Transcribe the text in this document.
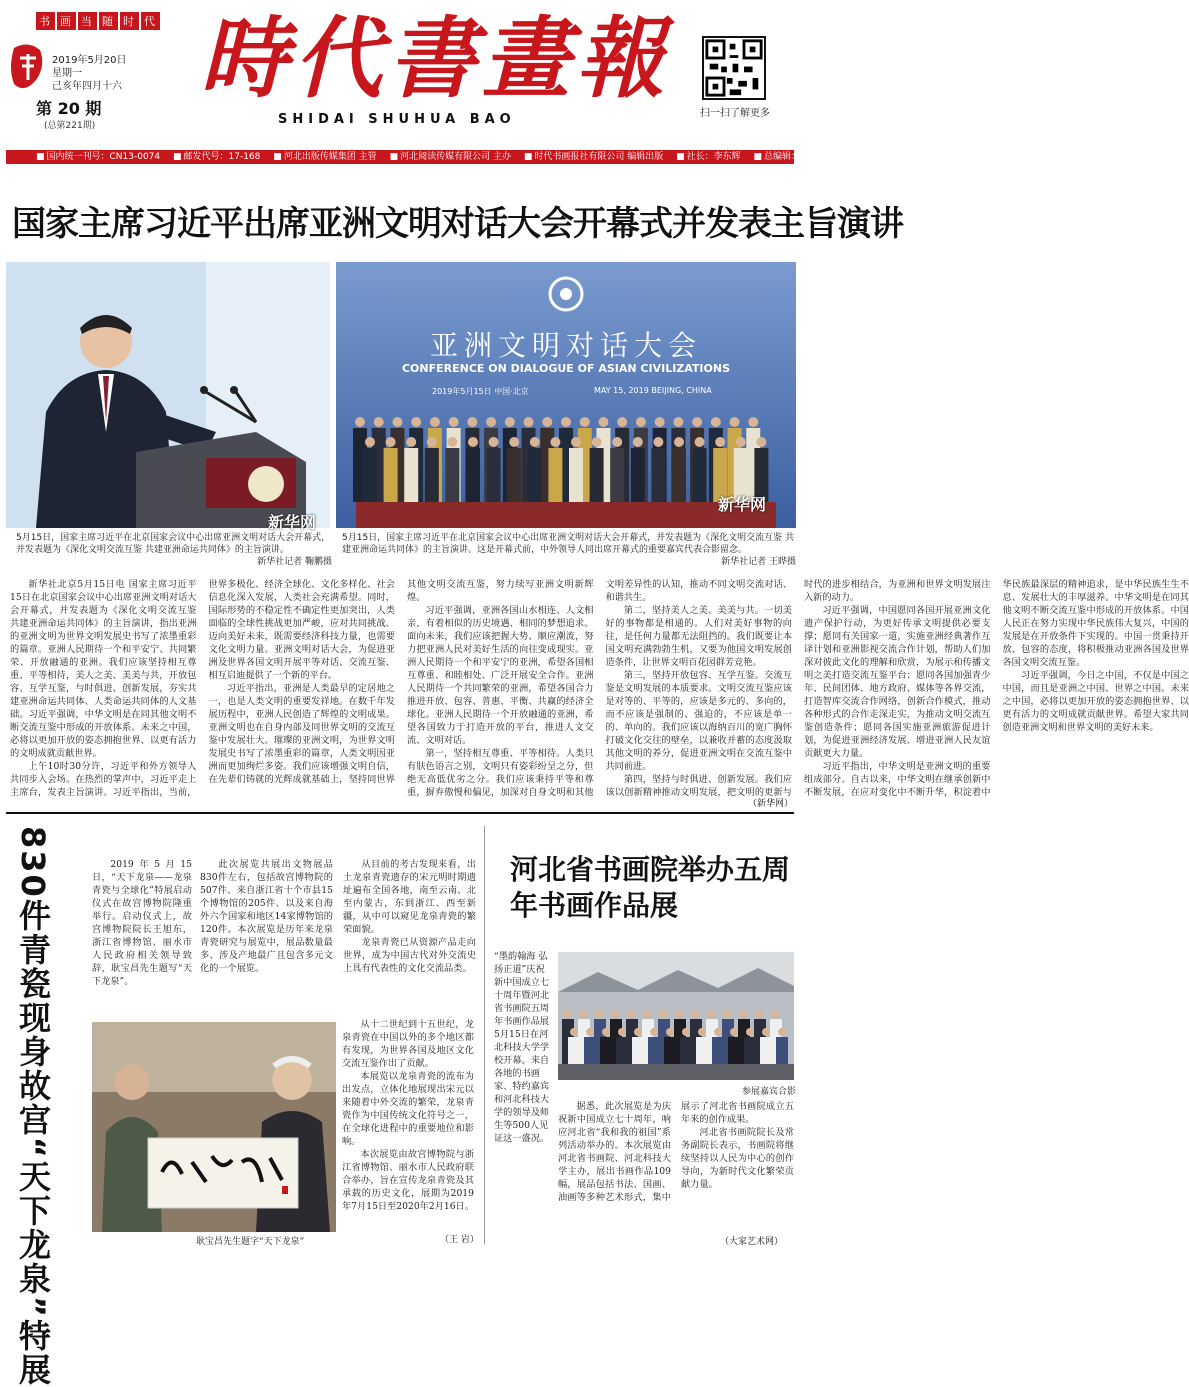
书 画 当 随 时 代
2019年5月20日
星期一
己亥年四月十六
第 20 期
(总第221期)
時代書畫報
SHIDAI SHUHUA BAO	扫一扫了解更多
■ 国内统一刊号：CN13-0074	■ 邮发代号：17-168	■ 河北出版传媒集团 主管	■ 河北阅读传媒有限公司 主办	■ 时代书画报社有限公司 编辑出版	■ 社长：李东辉	■ 总编辑：韩冰雪
国家主席习近平出席亚洲文明对话大会开幕式并发表主旨演讲
新华网
5月15日，国家主席习近平在北京国家会议中心出席亚洲文明对话大会开幕式，并发表题为《深化文明交流互鉴 共建亚洲命运共同体》的主旨演讲。
新华社记者 鞠鹏摄
亚洲文明对话大会
CONFERENCE ON DIALOGUE OF ASIAN CIVILIZATIONS
2019年5月15日 中国·北京	MAY 15, 2019 BEIJING, CHINA
新华网
5月15日，国家主席习近平在北京国家会议中心出席亚洲文明对话大会开幕式，并发表题为《深化文明交流互鉴 共建亚洲命运共同体》的主旨演讲。这是开幕式前，中外领导人同出席开幕式的重要嘉宾代表合影留念。
新华社记者 王晔摄

新华社北京5月15日电 国家主席习近平15日在北京国家会议中心出席亚洲文明对话大会开幕式，并发表题为《深化文明交流互鉴 共建亚洲命运共同体》的主旨演讲，指出亚洲的亚洲文明为世界文明发展史书写了浓墨重彩的篇章。亚洲人民期待一个和平安宁、共同繁荣、开放融通的亚洲。我们应该坚持相互尊重、平等相待，美人之美、美美与共，开放包容、互学互鉴，与时俱进、创新发展，夯实共建亚洲命运共同体、人类命运共同体的人文基础。习近平强调，中华文明是在同其他文明不断交流互鉴中形成的开放体系。未来之中国，必将以更加开放的姿态拥抱世界、以更有活力的文明成就贡献世界。

上午10时30分许，习近平和外方领导人共同步入会场。在热烈的掌声中，习近平走上主席台，发表主旨演讲。习近平指出，当前，世界多极化、经济全球化、文化多样化、社会信息化深入发展，人类社会充满希望。同时，国际形势的不稳定性不确定性更加突出，人类面临的全球性挑战更加严峻，应对共同挑战、迈向美好未来，既需要经济科技力量，也需要文化文明力量。亚洲文明对话大会，为促进亚洲及世界各国文明开展平等对话、交流互鉴、相互启迪提供了一个新的平台。

习近平指出，亚洲是人类最早的定居地之一，也是人类文明的重要发祥地。在数千年发展历程中，亚洲人民创造了辉煌的文明成果。亚洲文明也在自身内部及同世界文明的交流互鉴中发展壮大。璀璨的亚洲文明，为世界文明发展史书写了浓墨重彩的篇章，人类文明因亚洲而更加绚烂多姿。我们应该增强文明自信，在先辈们铸就的光辉成就基础上，坚持同世界其他文明交流互鉴，努力续写亚洲文明新辉煌。

习近平强调，亚洲各国山水相连、人文相亲，有着相似的历史境遇、相同的梦想追求。面向未来，我们应该把握大势、顺应潮流，努力把亚洲人民对美好生活的向往变成现实。亚洲人民期待一个和平安宁的亚洲，希望各国相互尊重、和睦相处、广泛开展安全合作。亚洲人民期待一个共同繁荣的亚洲，希望各国合力推进开放、包容、普惠、平衡、共赢的经济全球化。亚洲人民期待一个开放融通的亚洲，希望各国致力于打造开放的平台，推进人文交流、文明对话。

第一，坚持相互尊重、平等相待。人类只有肤色语言之别，文明只有姿彩纷呈之分，但绝无高低优劣之分。我们应该秉持平等和尊重，摒弃傲慢和偏见，加深对自身文明和其他文明差异性的认知，推动不同文明交流对话、和谐共生。

第二，坚持美人之美、美美与共。一切美好的事物都是相通的。人们对美好事物的向往，是任何力量都无法阻挡的。我们既要让本国文明充满勃勃生机，又要为他国文明发展创造条件，让世界文明百花园群芳竞艳。

第三，坚持开放包容、互学互鉴。交流互鉴是文明发展的本质要求。文明交流互鉴应该是对等的、平等的，应该是多元的、多向的，而不应该是强制的、强迫的，不应该是单一的、单向的。我们应该以海纳百川的宽广胸怀打破文化交往的壁垒，以兼收并蓄的态度汲取其他文明的养分，促进亚洲文明在交流互鉴中共同前进。

第四，坚持与时俱进、创新发展。我们应该以创新精神推动文明发展，把文明的更新与时代的进步相结合，为亚洲和世界文明发展注入新的动力。

习近平强调，中国愿同各国开展亚洲文化遗产保护行动，为更好传承文明提供必要支撑；愿同有关国家一道，实施亚洲经典著作互译计划和亚洲影视交流合作计划，帮助人们加深对彼此文化的理解和欣赏，为展示和传播文明之美打造交流互鉴平台；愿同各国加强青少年、民间团体、地方政府、媒体等各界交流，打造智库交流合作网络，创新合作模式，推动各种形式的合作走深走实，为推动文明交流互鉴创造条件；愿同各国实施亚洲旅游促进计划，为促进亚洲经济发展、增进亚洲人民友谊贡献更大力量。

习近平指出，中华文明是亚洲文明的重要组成部分。自古以来，中华文明在继承创新中不断发展，在应对变化中不断升华，积淀着中华民族最深层的精神追求，是中华民族生生不息、发展壮大的丰厚滋养。中华文明是在同其他文明不断交流互鉴中形成的开放体系。中国人民正在努力实现中华民族伟大复兴，中国的发展是在开放条件下实现的。中国一贯秉持开放、包容的态度，将积极推动亚洲各国及世界各国文明交流互鉴。

习近平强调，今日之中国，不仅是中国之中国，而且是亚洲之中国、世界之中国。未来之中国，必将以更加开放的姿态拥抱世界、以更有活力的文明成就贡献世界。希望大家共同创造亚洲文明和世界文明的美好未来。

（新华网）
830件青瓷现身故宫“天下龙泉”特展	2019年5月15日，“天下龙泉——龙泉青瓷与全球化”特展启动仪式在故宫博物院隆重举行。启动仪式上，故宫博物院院长王旭东，浙江省博物馆、丽水市人民政府相关领导致辞，耿宝昌先生题写“天下龙泉”。

此次展览共展出文物展品830件左右，包括故宫博物院的507件、来自浙江省十个市县15个博物馆的205件、以及来自海外六个国家和地区14家博物馆的120件。本次展览是历年来龙泉青瓷研究与展览中，展品数量最多、涉及产地最广且包含多元文化的一个展览。

从目前的考古发现来看，出土龙泉青瓷遗存的宋元明时期遗址遍布全国各地，南至云南、北至内蒙古，东到浙江、西至新疆，从中可以窥见龙泉青瓷的繁荣面貌。

龙泉青瓷已从资源产品走向世界，成为中国古代对外交流史上具有代表性的文化交流品类。

从十二世纪到十五世纪，龙泉青瓷在中国以外的多个地区都有发现，为世界各国及地区文化交流互鉴作出了贡献。

本展览以龙泉青瓷的流布为出发点，立体化地展现出宋元以来随着中外交流的繁荣，龙泉青瓷作为中国传统文化符号之一，在全球化进程中的重要地位和影响。

本次展览由故宫博物院与浙江省博物馆、丽水市人民政府联合举办，旨在宣传龙泉青瓷及其承载的历史文化，展期为2019年7月15日至2020年2月16日。

耿宝昌先生题字“天下龙泉”	（王 岩）
河北省书画院举办五周年书画作品展

“墨韵翰海 弘扬正道”庆祝新中国成立七十周年暨河北省书画院五周年书画作品展5月15日在河北科技大学学校开幕。来自各地的书画家、特约嘉宾和河北科技大学的领导及师生等500人见证这一盛况。

参展嘉宾合影

据悉，此次展览是为庆祝新中国成立七十周年，响应河北省“我和我的祖国”系列活动举办的。本次展览由河北省书画院、河北科技大学主办，展出书画作品109幅，展品包括书法、国画、油画等多种艺术形式，集中展示了河北省书画院成立五年来的创作成果。

河北省书画院院长及常务副院长表示，书画院将继续坚持以人民为中心的创作导向，为新时代文化繁荣贡献力量。

（大家艺术网）
